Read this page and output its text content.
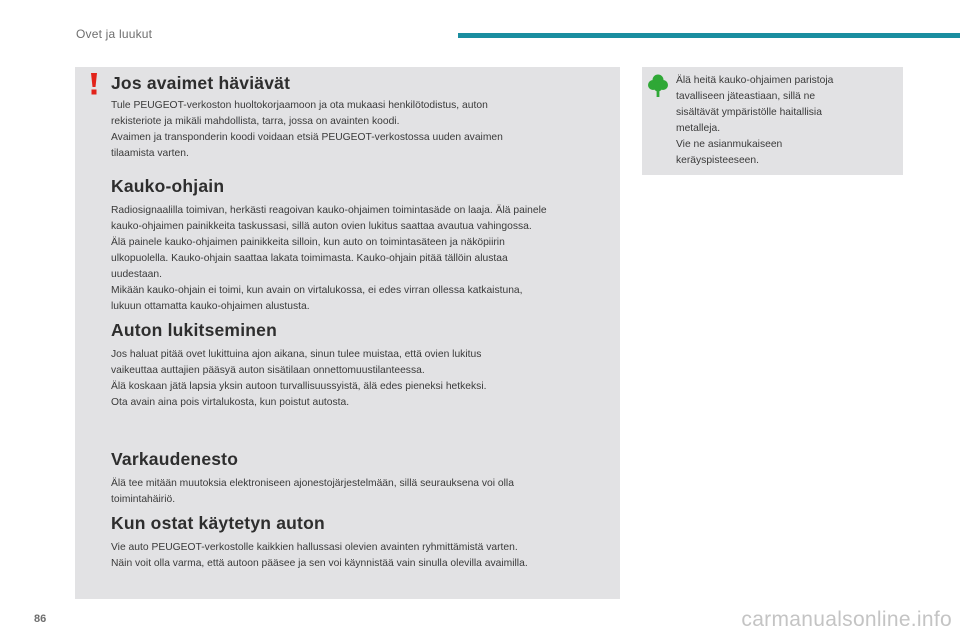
Ovet ja luukut
Jos avaimet häviävät

Tule PEUGEOT-verkoston huoltokorjaamoon ja ota mukaasi henkilötodistus, auton
rekisteriote ja mikäli mahdollista, tarra, jossa on avainten koodi.
Avaimen ja transponderin koodi voidaan etsiä PEUGEOT-verkostossa uuden avaimen
tilaamista varten.

Kauko-ohjain

Radiosignaalilla toimivan, herkästi reagoivan kauko-ohjaimen toimintasäde on laaja. Älä painele
kauko-ohjaimen painikkeita taskussasi, sillä auton ovien lukitus saattaa avautua vahingossa.
Älä painele kauko-ohjaimen painikkeita silloin, kun auto on toimintasäteen ja näköpiirin
ulkopuolella. Kauko-ohjain saattaa lakata toimimasta. Kauko-ohjain pitää tällöin alustaa
uudestaan.
Mikään kauko-ohjain ei toimi, kun avain on virtalukossa, ei edes virran ollessa katkaistuna,
lukuun ottamatta kauko-ohjaimen alustusta.

Auton lukitseminen

Jos haluat pitää ovet lukittuina ajon aikana, sinun tulee muistaa, että ovien lukitus
vaikeuttaa auttajien pääsyä auton sisätilaan onnettomuustilanteessa.
Älä koskaan jätä lapsia yksin autoon turvallisuussyistä, älä edes pieneksi hetkeksi.
Ota avain aina pois virtalukosta, kun poistut autosta.

Varkaudenesto

Älä tee mitään muutoksia elektroniseen ajonestojärjestelmään, sillä seurauksena voi olla
toimintahäiriö.

Kun ostat käytetyn auton

Vie auto PEUGEOT-verkostolle kaikkien hallussasi olevien avainten ryhmittämistä varten.
Näin voit olla varma, että autoon pääsee ja sen voi käynnistää vain sinulla olevilla avaimilla.

Älä heitä kauko-ohjaimen paristoja
tavalliseen jäteastiaan, sillä ne
sisältävät ympäristölle haitallisia
metalleja.
Vie ne asianmukaiseen
keräyspisteeseen.

86	carmanualsonline.info
